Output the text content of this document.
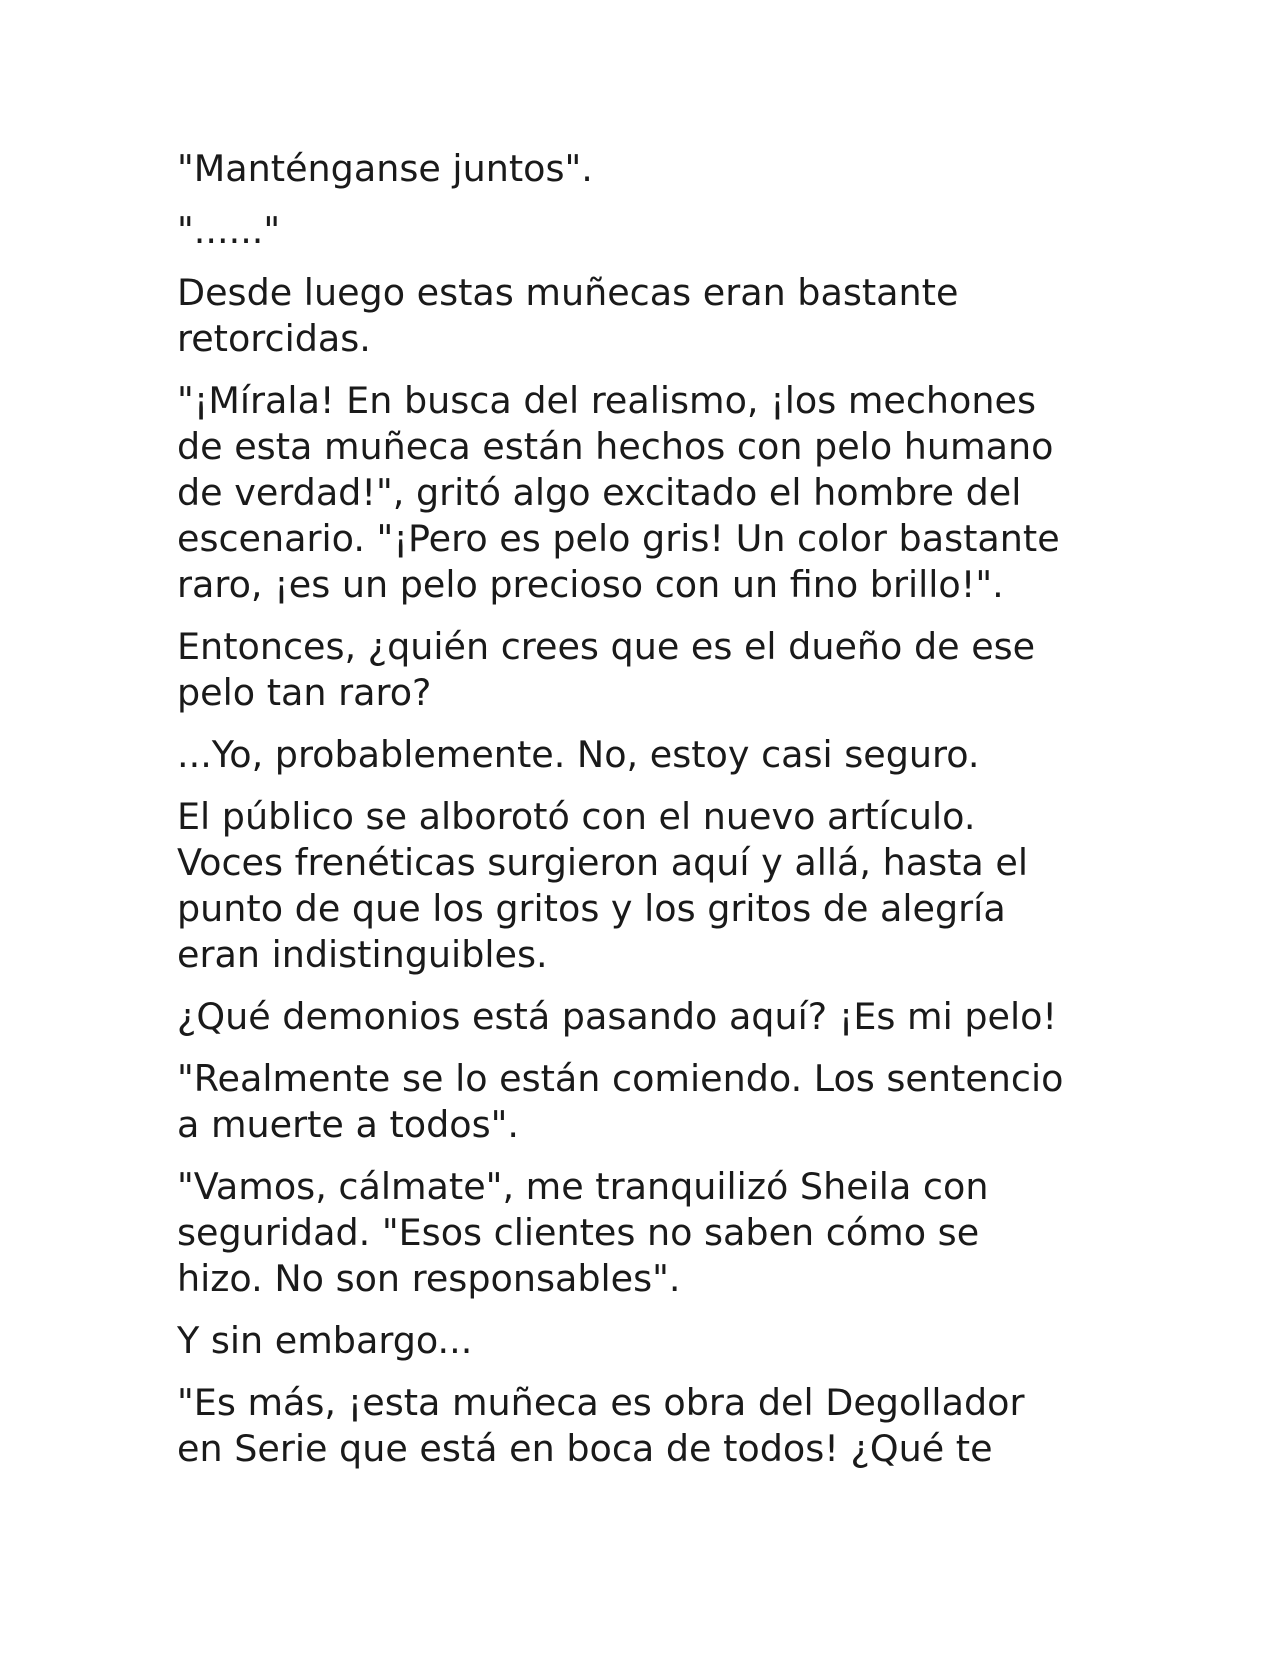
"Manténganse juntos".

"......"

Desde luego estas muñecas eran bastante
retorcidas.

"¡Mírala! En busca del realismo, ¡los mechones
de esta muñeca están hechos con pelo humano
de verdad!", gritó algo excitado el hombre del
escenario. "¡Pero es pelo gris! Un color bastante
raro, ¡es un pelo precioso con un fino brillo!".

Entonces, ¿quién crees que es el dueño de ese
pelo tan raro?

...Yo, probablemente. No, estoy casi seguro.

El público se alborotó con el nuevo artículo.
Voces frenéticas surgieron aquí y allá, hasta el
punto de que los gritos y los gritos de alegría
eran indistinguibles.

¿Qué demonios está pasando aquí? ¡Es mi pelo!

"Realmente se lo están comiendo. Los sentencio
a muerte a todos".

"Vamos, cálmate", me tranquilizó Sheila con
seguridad. "Esos clientes no saben cómo se
hizo. No son responsables".

Y sin embargo...

"Es más, ¡esta muñeca es obra del Degollador
en Serie que está en boca de todos! ¿Qué te
